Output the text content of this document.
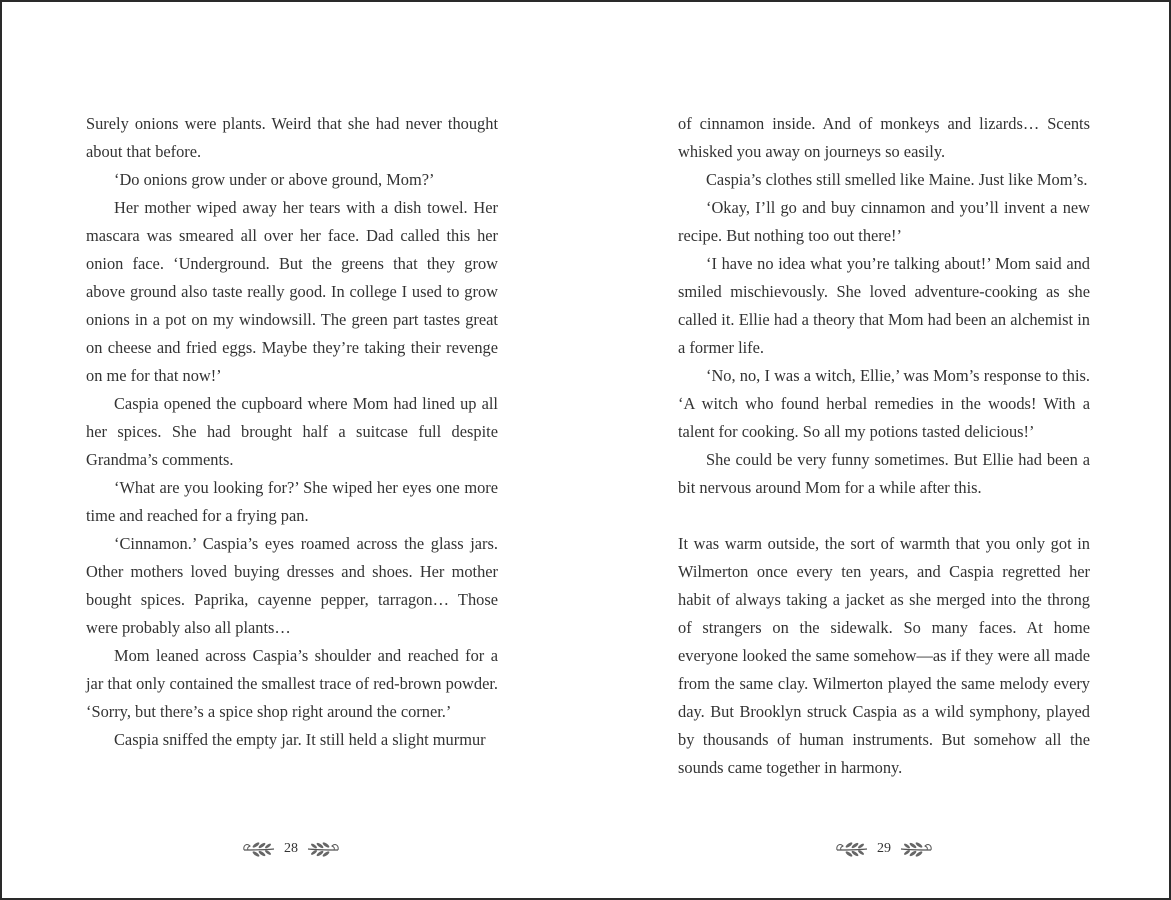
Surely onions were plants. Weird that she had never thought about that before.

‘Do onions grow under or above ground, Mom?’

Her mother wiped away her tears with a dish towel. Her mascara was smeared all over her face. Dad called this her onion face. ‘Underground. But the greens that they grow above ground also taste really good. In college I used to grow onions in a pot on my windowsill. The green part tastes great on cheese and fried eggs. Maybe they’re taking their revenge on me for that now!’

Caspia opened the cupboard where Mom had lined up all her spices. She had brought half a suitcase full despite Grandma’s comments.

‘What are you looking for?’ She wiped her eyes one more time and reached for a frying pan.

‘Cinnamon.’ Caspia’s eyes roamed across the glass jars. Other mothers loved buying dresses and shoes. Her mother bought spices. Paprika, cayenne pepper, tarragon… Those were probably also all plants…

Mom leaned across Caspia’s shoulder and reached for a jar that only contained the smallest trace of red-brown powder. ‘Sorry, but there’s a spice shop right around the corner.’

Caspia sniffed the empty jar. It still held a slight murmur

of cinnamon inside. And of monkeys and lizards… Scents whisked you away on journeys so easily.

Caspia’s clothes still smelled like Maine. Just like Mom’s.

‘Okay, I’ll go and buy cinnamon and you’ll invent a new recipe. But nothing too out there!’

‘I have no idea what you’re talking about!’ Mom said and smiled mischievously. She loved adventure-cooking as she called it. Ellie had a theory that Mom had been an alchemist in a former life.

‘No, no, I was a witch, Ellie,’ was Mom’s response to this. ‘A witch who found herbal remedies in the woods! With a talent for cooking. So all my potions tasted delicious!’

She could be very funny sometimes. But Ellie had been a bit nervous around Mom for a while after this.

It was warm outside, the sort of warmth that you only got in Wilmerton once every ten years, and Caspia regretted her habit of always taking a jacket as she merged into the throng of strangers on the sidewalk. So many faces. At home everyone looked the same somehow—as if they were all made from the same clay. Wilmerton played the same melody every day. But Brooklyn struck Caspia as a wild symphony, played by thousands of human instruments. But somehow all the sounds came together in harmony.

28	29
